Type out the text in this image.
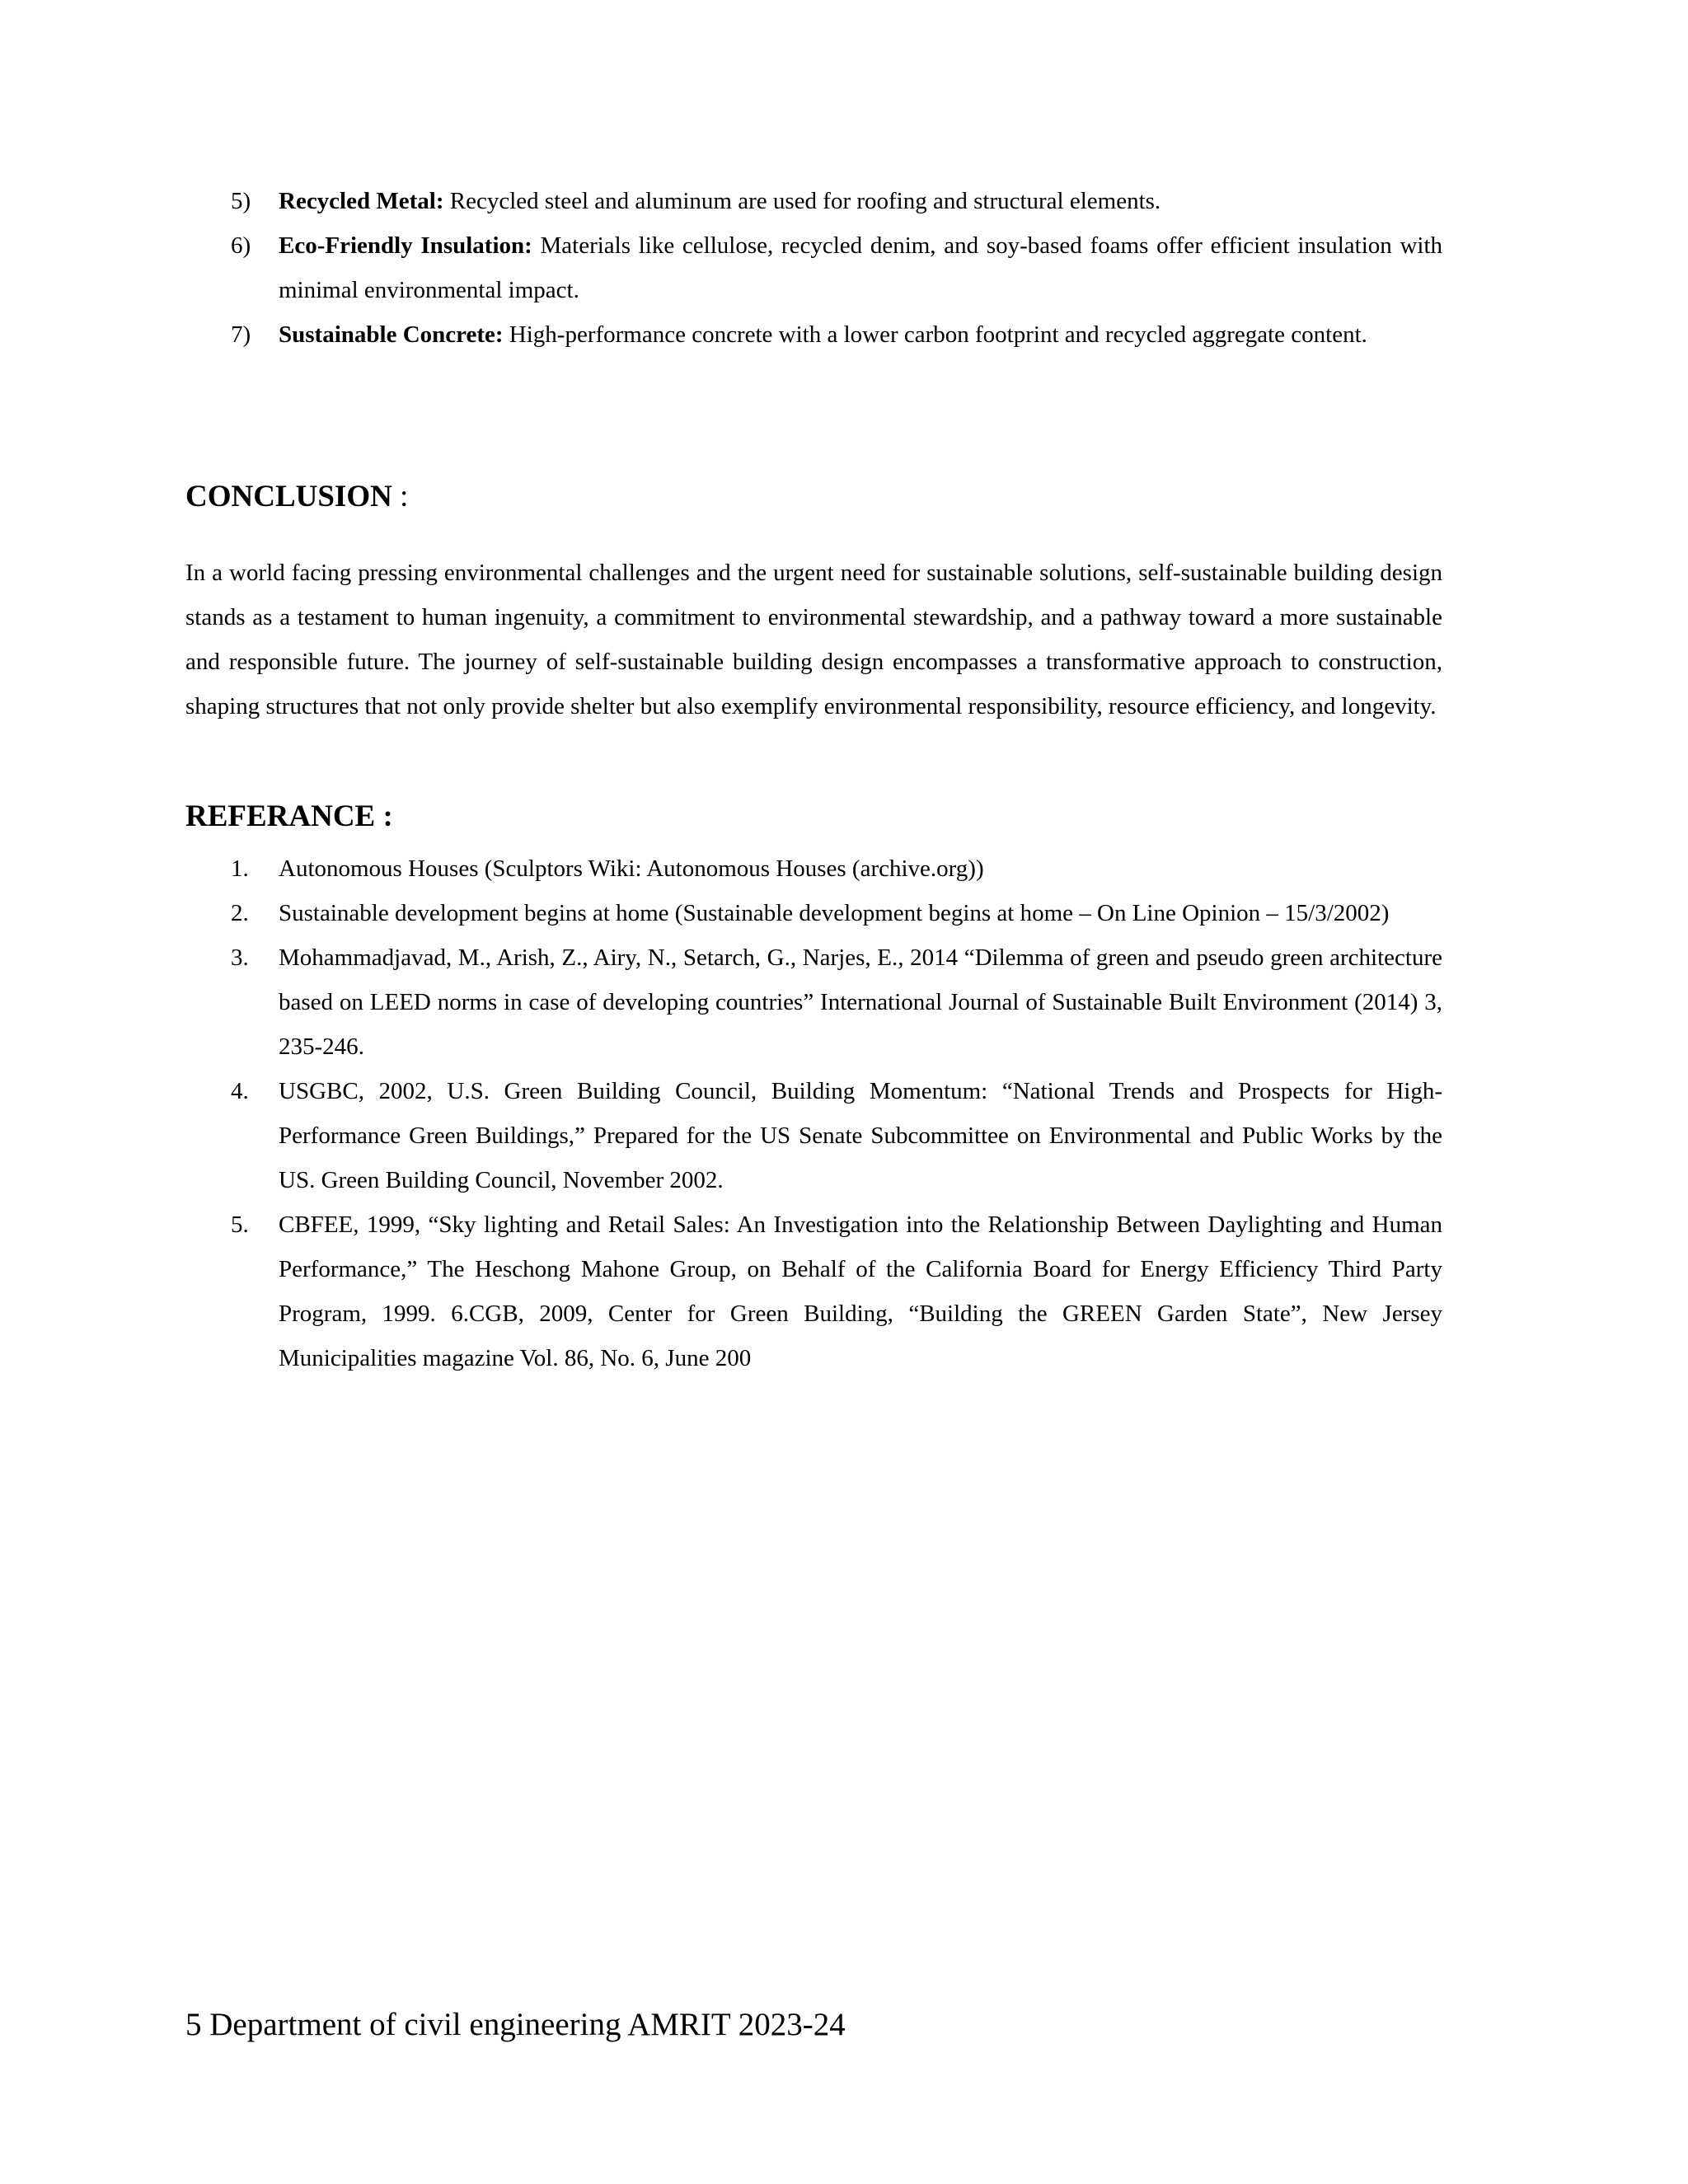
5)	Recycled Metal: Recycled steel and aluminum are used for roofing and structural elements.
6)	Eco-Friendly Insulation: Materials like cellulose, recycled denim, and soy-based foams offer efficient insulation with minimal environmental impact.
7)	Sustainable Concrete: High-performance concrete with a lower carbon footprint and recycled aggregate content.
CONCLUSION :

In a world facing pressing environmental challenges and the urgent need for sustainable solutions, self-sustainable building design stands as a testament to human ingenuity, a commitment to environmental stewardship, and a pathway toward a more sustainable and responsible future. The journey of self-sustainable building design encompasses a transformative approach to construction, shaping structures that not only provide shelter but also exemplify environmental responsibility, resource efficiency, and longevity.

REFERANCE :
1.	Autonomous Houses (Sculptors Wiki: Autonomous Houses (archive.org))
2.	Sustainable development begins at home (Sustainable development begins at home – On Line Opinion – 15/3/2002)
3.	Mohammadjavad, M., Arish, Z., Airy, N., Setarch, G., Narjes, E., 2014 “Dilemma of green and pseudo green architecture based on LEED norms in case of developing countries” International Journal of Sustainable Built Environment (2014) 3, 235-246.
4.	USGBC, 2002, U.S. Green Building Council, Building Momentum: “National Trends and Prospects for High-Performance Green Buildings,” Prepared for the US Senate Subcommittee on Environmental and Public Works by the US. Green Building Council, November 2002.
5.	CBFEE, 1999, “Sky lighting and Retail Sales: An Investigation into the Relationship Between Daylighting and Human Performance,” The Heschong Mahone Group, on Behalf of the California Board for Energy Efficiency Third Party Program, 1999. 6.CGB, 2009, Center for Green Building, “Building the GREEN Garden State”, New Jersey Municipalities magazine Vol. 86, No. 6, June 200
5 Department of civil engineering AMRIT 2023-24
